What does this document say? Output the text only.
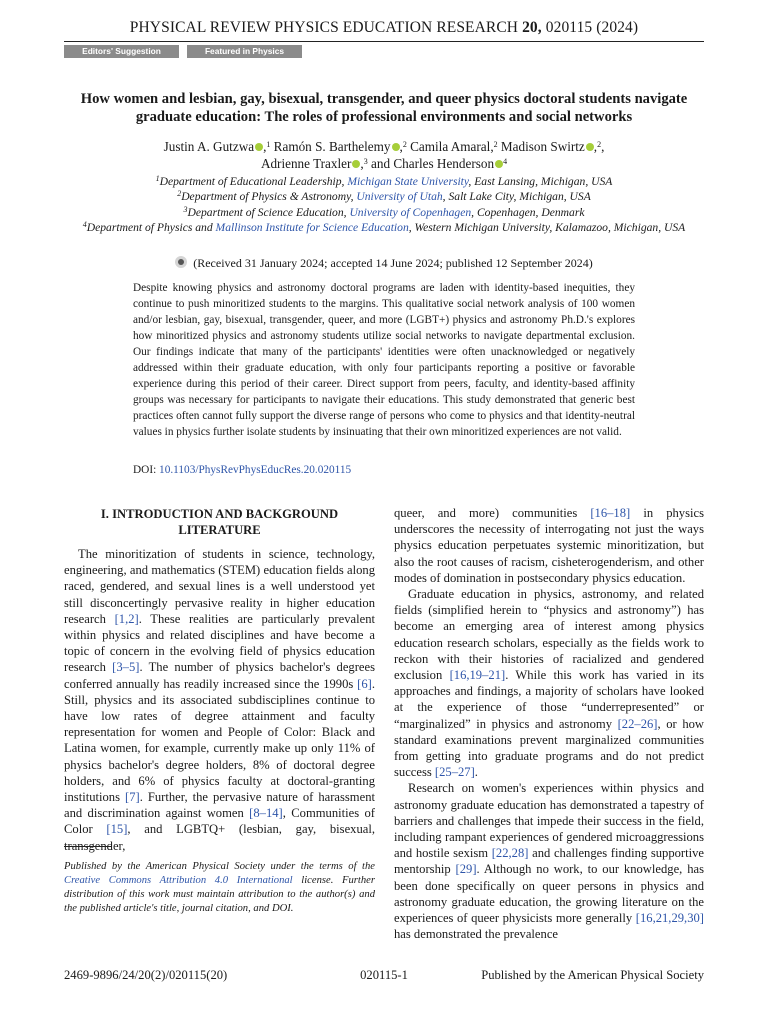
PHYSICAL REVIEW PHYSICS EDUCATION RESEARCH 20, 020115 (2024)
Editors' Suggestion	Featured in Physics
How women and lesbian, gay, bisexual, transgender, and queer physics doctoral students navigate graduate education: The roles of professional environments and social networks
Justin A. Gutzwa ,$^1$ Ramón S. Barthelemy ,$^2$ Camila Amaral,$^2$ Madison Swirtz ,$^2$,
Adrienne Traxler ,$^3$ and Charles Henderson $^4$
$^1$Department of Educational Leadership, Michigan State University, East Lansing, Michigan, USA
$^2$Department of Physics & Astronomy, University of Utah, Salt Lake City, Michigan, USA
$^3$Department of Science Education, University of Copenhagen, Copenhagen, Denmark
$^4$Department of Physics and Mallinson Institute for Science Education, Western Michigan University, Kalamazoo, Michigan, USA
(Received 31 January 2024; accepted 14 June 2024; published 12 September 2024)
Despite knowing physics and astronomy doctoral programs are laden with identity-based inequities, they continue to push minoritized students to the margins. This qualitative social network analysis of 100 women and/or lesbian, gay, bisexual, transgender, queer, and more (LGBT+) physics and astronomy Ph.D.'s explores how minoritized physics and astronomy students utilize social networks to navigate departmental exclusion. Our findings indicate that many of the participants' identities were often unacknowledged or negatively addressed within their graduate education, with only four participants reporting a positive or favorable experience during this period of their career. Direct support from peers, faculty, and identity-based affinity groups was necessary for participants to navigate their educations. This study demonstrated that generic best practices often cannot fully support the diverse range of persons who come to physics and that identity-neutral values in physics further isolate students by insinuating that their own minoritized experiences are not valid.
DOI: 10.1103/PhysRevPhysEducRes.20.020115
I. INTRODUCTION AND BACKGROUND LITERATURE

The minoritization of students in science, technology, engineering, and mathematics (STEM) education fields along raced, gendered, and sexual lines is a well understood yet still disconcertingly pervasive reality in higher education research [1,2]. These realities are particularly prevalent within physics and related disciplines and have become a topic of concern in the evolving field of physics education research [3–5]. The number of physics bachelor's degrees conferred annually has readily increased since the 1990s [6]. Still, physics and its associated subdisciplines continue to have low rates of degree attainment and faculty representation for women and People of Color: Black and Latina women, for example, currently make up only 11% of physics bachelor's degree holders, 8% of doctoral degree holders, and 6% of physics faculty at doctoral-granting institutions [7]. Further, the pervasive nature of harassment and discrimination against women [8–14], Communities of Color [15], and LGBTQ+ (lesbian, gay, bisexual, transgender,

queer, and more) communities [16–18] in physics underscores the necessity of interrogating not just the ways physics education perpetuates systemic minoritization, but also the root causes of racism, cisheterogenderism, and other modes of domination in postsecondary physics education.

Graduate education in physics, astronomy, and related fields (simplified herein to “physics and astronomy”) has become an emerging area of interest among physics education research scholars, especially as the fields work to reckon with their histories of racialized and gendered exclusion [16,19–21]. While this work has varied in its approaches and findings, a majority of scholars have looked at the experience of those “underrepresented” or “marginalized” in physics and astronomy [22–26], or how standard examinations prevent marginalized communities from getting into graduate programs and do not predict success [25–27].

Research on women's experiences within physics and astronomy graduate education has demonstrated a tapestry of barriers and challenges that impede their success in the field, including rampant experiences of gendered microaggressions and hostile sexism [22,28] and challenges finding supportive mentorship [29]. Although no work, to our knowledge, has been done specifically on queer persons in physics and astronomy graduate education, the growing literature on the experiences of queer physicists more generally [16,21,29,30] has demonstrated the prevalence

Published by the American Physical Society under the terms of the Creative Commons Attribution 4.0 International license. Further distribution of this work must maintain attribution to the author(s) and the published article's title, journal citation, and DOI.
2469-9896/24/20(2)/020115(20)	020115-1	Published by the American Physical Society
